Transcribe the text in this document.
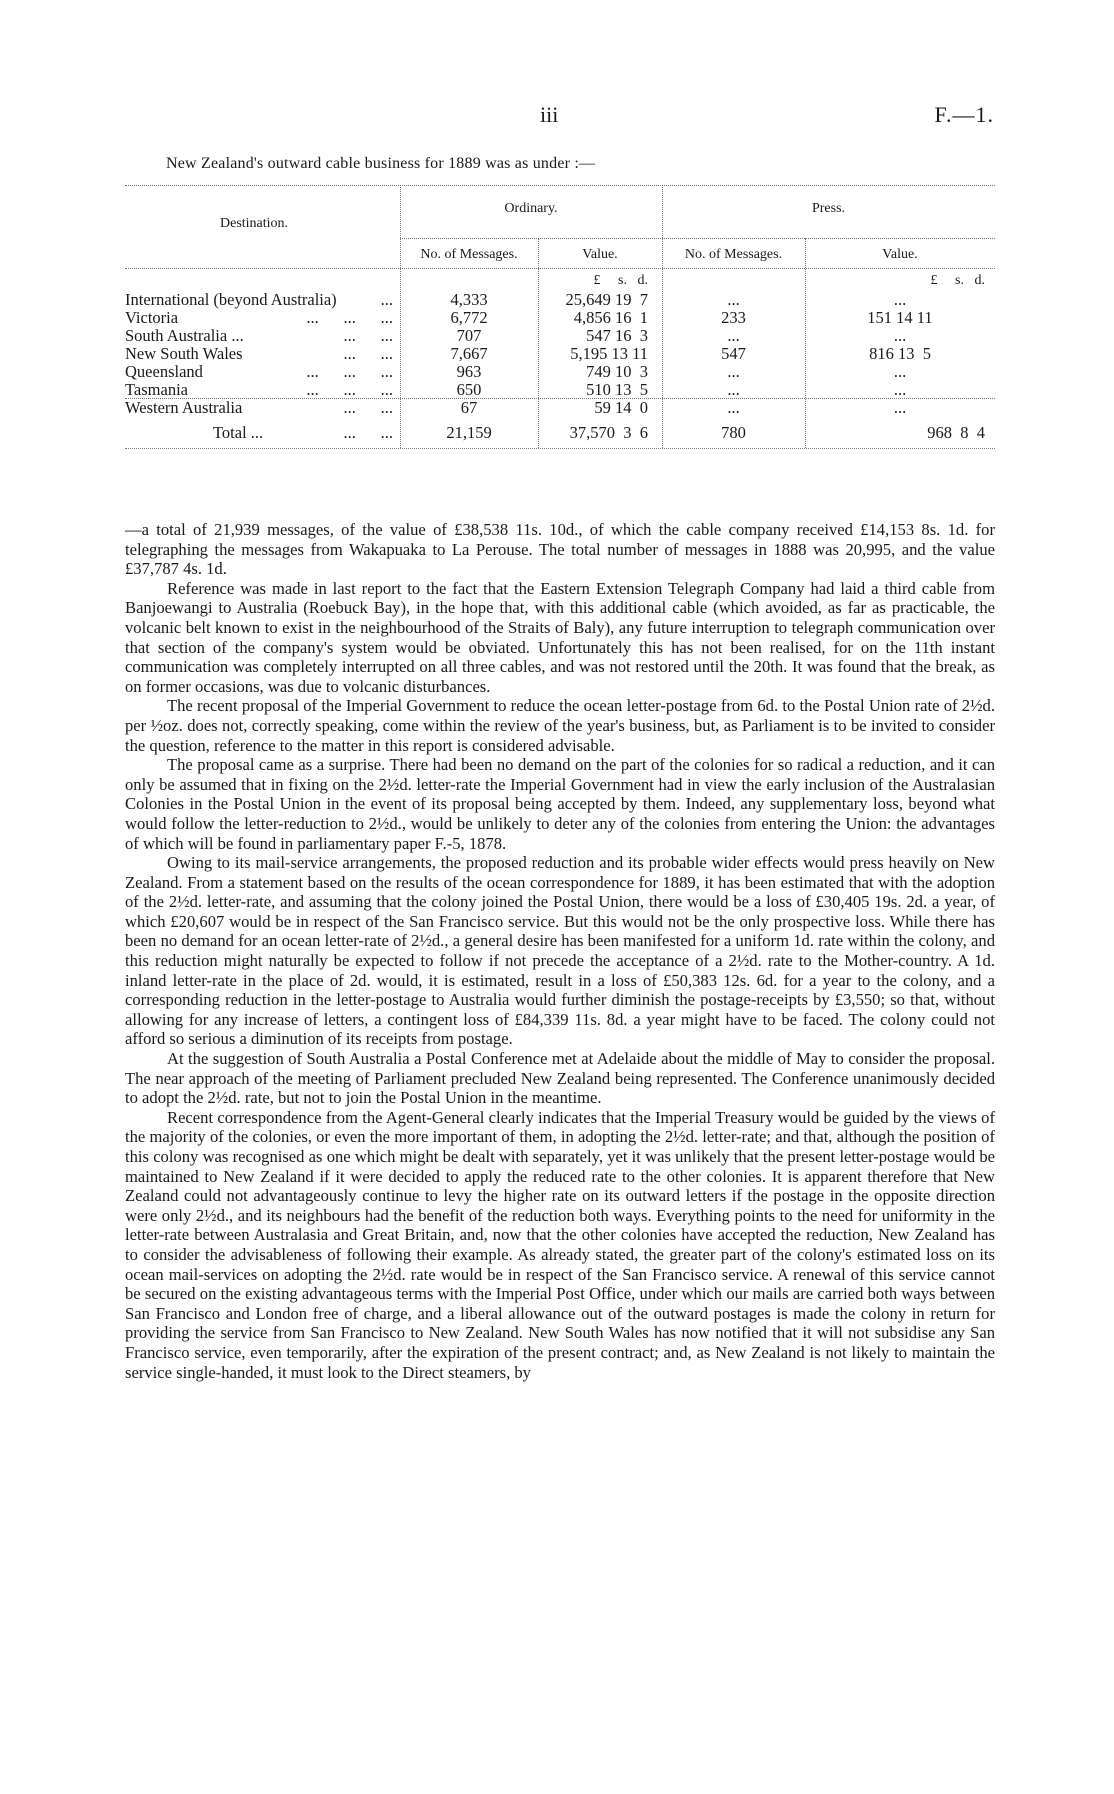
iii	F.—1.
New Zealand's outward cable business for 1889 was as under :—
Destination.
Ordinary.	Press.
No. of Messages.	Value.	No. of Messages.	Value.
£     s.   d.	£     s.   d.
International (beyond Australia)	...	4,333	25,649 19  7	...	...
Victoria	...      ...      ...	6,772	4,856 16  1	233	151 14 11
South Australia ...	...      ...	707	547 16  3	...	...
New South Wales	...      ...	7,667	5,195 13 11	547	816 13  5
Queensland	...      ...      ...	963	749 10  3	...	...
Tasmania	...      ...      ...	650	510 13  5	...	...
Western Australia	...      ...	67	59 14  0	...	...
Total ...	...      ...	21,159	37,570  3  6	780	968  8  4

—a total of 21,939 messages, of the value of £38,538 11s. 10d., of which the cable company received £14,153 8s. 1d. for telegraphing the messages from Wakapuaka to La Perouse. The total number of messages in 1888 was 20,995, and the value £37,787 4s. 1d.

Reference was made in last report to the fact that the Eastern Extension Telegraph Company had laid a third cable from Banjoewangi to Australia (Roebuck Bay), in the hope that, with this additional cable (which avoided, as far as practicable, the volcanic belt known to exist in the neighbourhood of the Straits of Baly), any future interruption to telegraph communication over that section of the company's system would be obviated. Unfortunately this has not been realised, for on the 11th instant communication was completely interrupted on all three cables, and was not restored until the 20th. It was found that the break, as on former occasions, was due to volcanic disturbances.

The recent proposal of the Imperial Government to reduce the ocean letter-postage from 6d. to the Postal Union rate of 2½d. per ½oz. does not, correctly speaking, come within the review of the year's business, but, as Parliament is to be invited to consider the question, reference to the matter in this report is considered advisable.

The proposal came as a surprise. There had been no demand on the part of the colonies for so radical a reduction, and it can only be assumed that in fixing on the 2½d. letter-rate the Imperial Government had in view the early inclusion of the Australasian Colonies in the Postal Union in the event of its proposal being accepted by them. Indeed, any supplementary loss, beyond what would follow the letter-reduction to 2½d., would be unlikely to deter any of the colonies from entering the Union: the advantages of which will be found in parliamentary paper F.-5, 1878.

Owing to its mail-service arrangements, the proposed reduction and its probable wider effects would press heavily on New Zealand. From a statement based on the results of the ocean correspondence for 1889, it has been estimated that with the adoption of the 2½d. letter-rate, and assuming that the colony joined the Postal Union, there would be a loss of £30,405 19s. 2d. a year, of which £20,607 would be in respect of the San Francisco service. But this would not be the only prospective loss. While there has been no demand for an ocean letter-rate of 2½d., a general desire has been manifested for a uniform 1d. rate within the colony, and this reduction might naturally be expected to follow if not precede the acceptance of a 2½d. rate to the Mother-country. A 1d. inland letter-rate in the place of 2d. would, it is estimated, result in a loss of £50,383 12s. 6d. for a year to the colony, and a corresponding reduction in the letter-postage to Australia would further diminish the postage-receipts by £3,550; so that, without allowing for any increase of letters, a contingent loss of £84,339 11s. 8d. a year might have to be faced. The colony could not afford so serious a diminution of its receipts from postage.

At the suggestion of South Australia a Postal Conference met at Adelaide about the middle of May to consider the proposal. The near approach of the meeting of Parliament precluded New Zealand being represented. The Conference unanimously decided to adopt the 2½d. rate, but not to join the Postal Union in the meantime.

Recent correspondence from the Agent-General clearly indicates that the Imperial Treasury would be guided by the views of the majority of the colonies, or even the more important of them, in adopting the 2½d. letter-rate; and that, although the position of this colony was recognised as one which might be dealt with separately, yet it was unlikely that the present letter-postage would be maintained to New Zealand if it were decided to apply the reduced rate to the other colonies. It is apparent therefore that New Zealand could not advantageously continue to levy the higher rate on its outward letters if the postage in the opposite direction were only 2½d., and its neighbours had the benefit of the reduction both ways. Everything points to the need for uniformity in the letter-rate between Australasia and Great Britain, and, now that the other colonies have accepted the reduction, New Zealand has to consider the advisableness of following their example. As already stated, the greater part of the colony's estimated loss on its ocean mail-services on adopting the 2½d. rate would be in respect of the San Francisco service. A renewal of this service cannot be secured on the existing advantageous terms with the Imperial Post Office, under which our mails are carried both ways between San Francisco and London free of charge, and a liberal allowance out of the outward postages is made the colony in return for providing the service from San Francisco to New Zealand. New South Wales has now notified that it will not subsidise any San Francisco service, even temporarily, after the expiration of the present contract; and, as New Zealand is not likely to maintain the service single-handed, it must look to the Direct steamers, by
